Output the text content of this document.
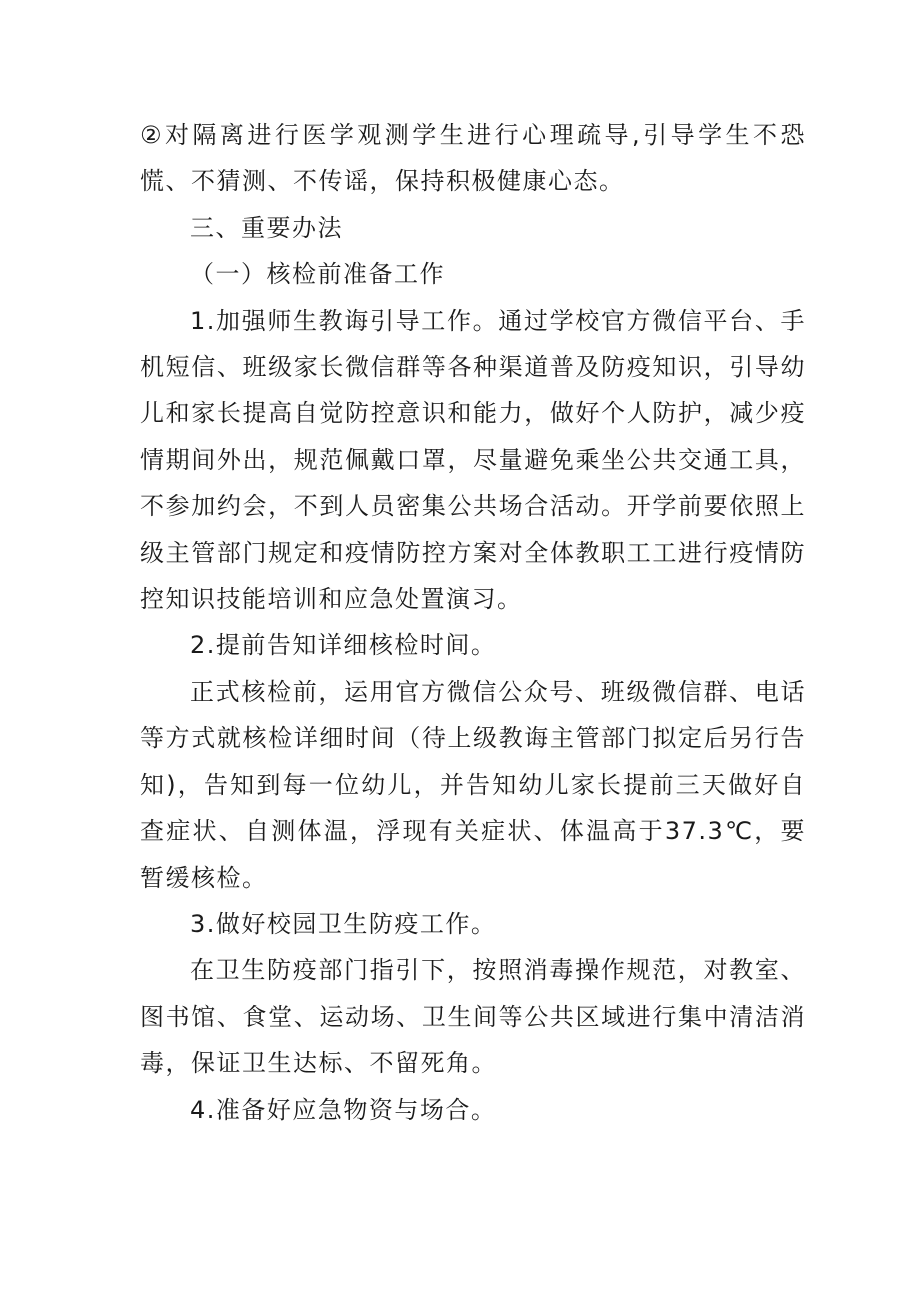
②对隔离进行医学观测学生进行心理疏导,引导学生不恐慌、不猜测、不传谣，保持积极健康心态。

三、重要办法

（一）核检前准备工作

1.加强师生教诲引导工作。通过学校官方微信平台、手机短信、班级家长微信群等各种渠道普及防疫知识，引导幼儿和家长提高自觉防控意识和能力，做好个人防护，减少疫情期间外出，规范佩戴口罩，尽量避免乘坐公共交通工具，不参加约会，不到人员密集公共场合活动。开学前要依照上级主管部门规定和疫情防控方案对全体教职工工进行疫情防控知识技能培训和应急处置演习。

2.提前告知详细核检时间。

正式核检前，运用官方微信公众号、班级微信群、电话等方式就核检详细时间（待上级教诲主管部门拟定后另行告知)，告知到每一位幼儿，并告知幼儿家长提前三天做好自查症状、自测体温，浮现有关症状、体温高于37.3℃，要暂缓核检。

3.做好校园卫生防疫工作。

在卫生防疫部门指引下，按照消毒操作规范，对教室、图书馆、食堂、运动场、卫生间等公共区域进行集中清洁消毒，保证卫生达标、不留死角。

4.准备好应急物资与场合。
